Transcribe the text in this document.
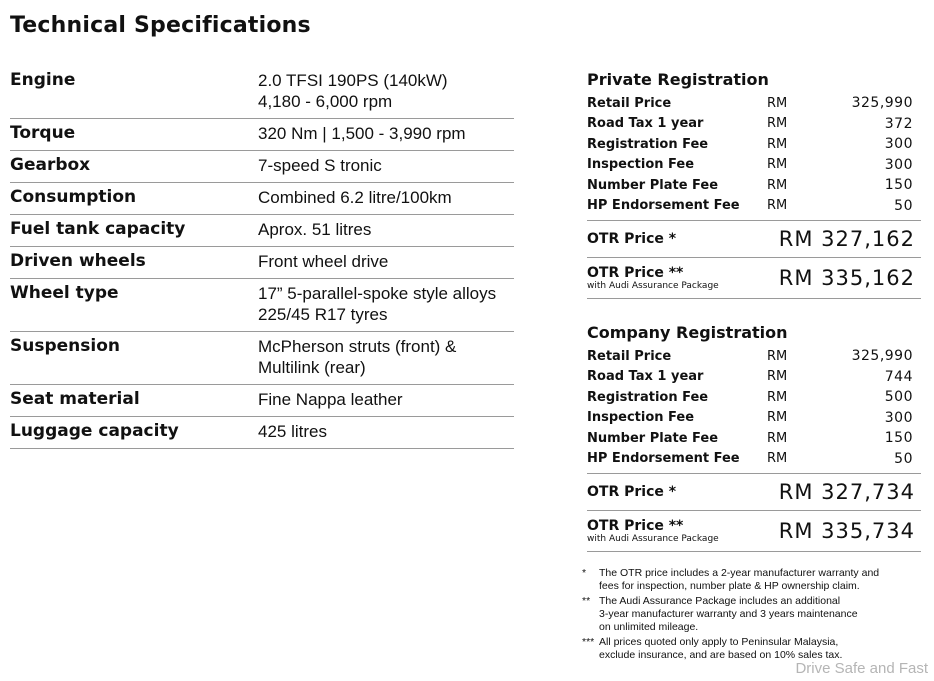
Technical Specifications
Engine	2.0 TFSI 190PS (140kW)
4,180 - 6,000 rpm
Torque	320 Nm | 1,500 - 3,990 rpm
Gearbox	7-speed S tronic
Consumption	Combined 6.2 litre/100km
Fuel tank capacity	Aprox. 51 litres
Driven wheels	Front wheel drive
Wheel type	17” 5-parallel-spoke style alloys
225/45 R17 tyres
Suspension	McPherson struts (front) &
Multilink (rear)
Seat material	Fine Nappa leather
Luggage capacity	425 litres
Private Registration
Retail Price	RM	325,990
Road Tax 1 year	RM	372
Registration Fee	RM	300
Inspection Fee	RM	300
Number Plate Fee	RM	150
HP Endorsement Fee	RM	50
OTR Price *	RM 327,162
OTR Price **
with Audi Assurance Package	RM 335,162
Company Registration
Retail Price	RM	325,990
Road Tax 1 year	RM	744
Registration Fee	RM	500
Inspection Fee	RM	300
Number Plate Fee	RM	150
HP Endorsement Fee	RM	50
OTR Price *	RM 327,734
OTR Price **
with Audi Assurance Package	RM 335,734
*	The OTR price includes a 2-year manufacturer warranty and
fees for inspection, number plate & HP ownership claim.
** The Audi Assurance Package includes an additional
3-year manufacturer warranty and 3 years maintenance
on unlimited mileage.
*** All prices quoted only apply to Peninsular Malaysia,
exclude insurance, and are based on 10% sales tax.
Drive Safe and Fast
